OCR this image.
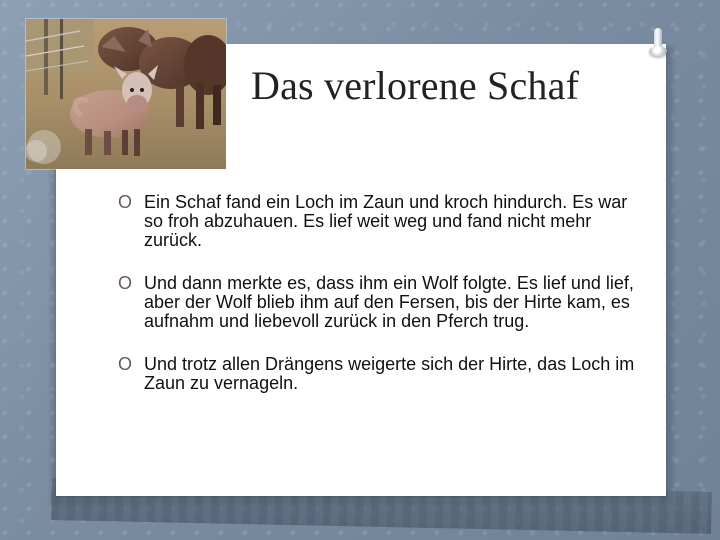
Das verlorene Schaf
O Ein Schaf fand ein Loch im Zaun und kroch hindurch. Es war so froh abzuhauen. Es lief weit weg und fand nicht mehr zurück.
O Und dann merkte es, dass ihm ein Wolf folgte. Es lief und lief, aber der Wolf blieb ihm auf den Fersen, bis der Hirte kam, es aufnahm und liebevoll zurück in den Pferch trug.
O Und trotz allen Drängens weigerte sich der Hirte, das Loch im Zaun zu vernageln.
